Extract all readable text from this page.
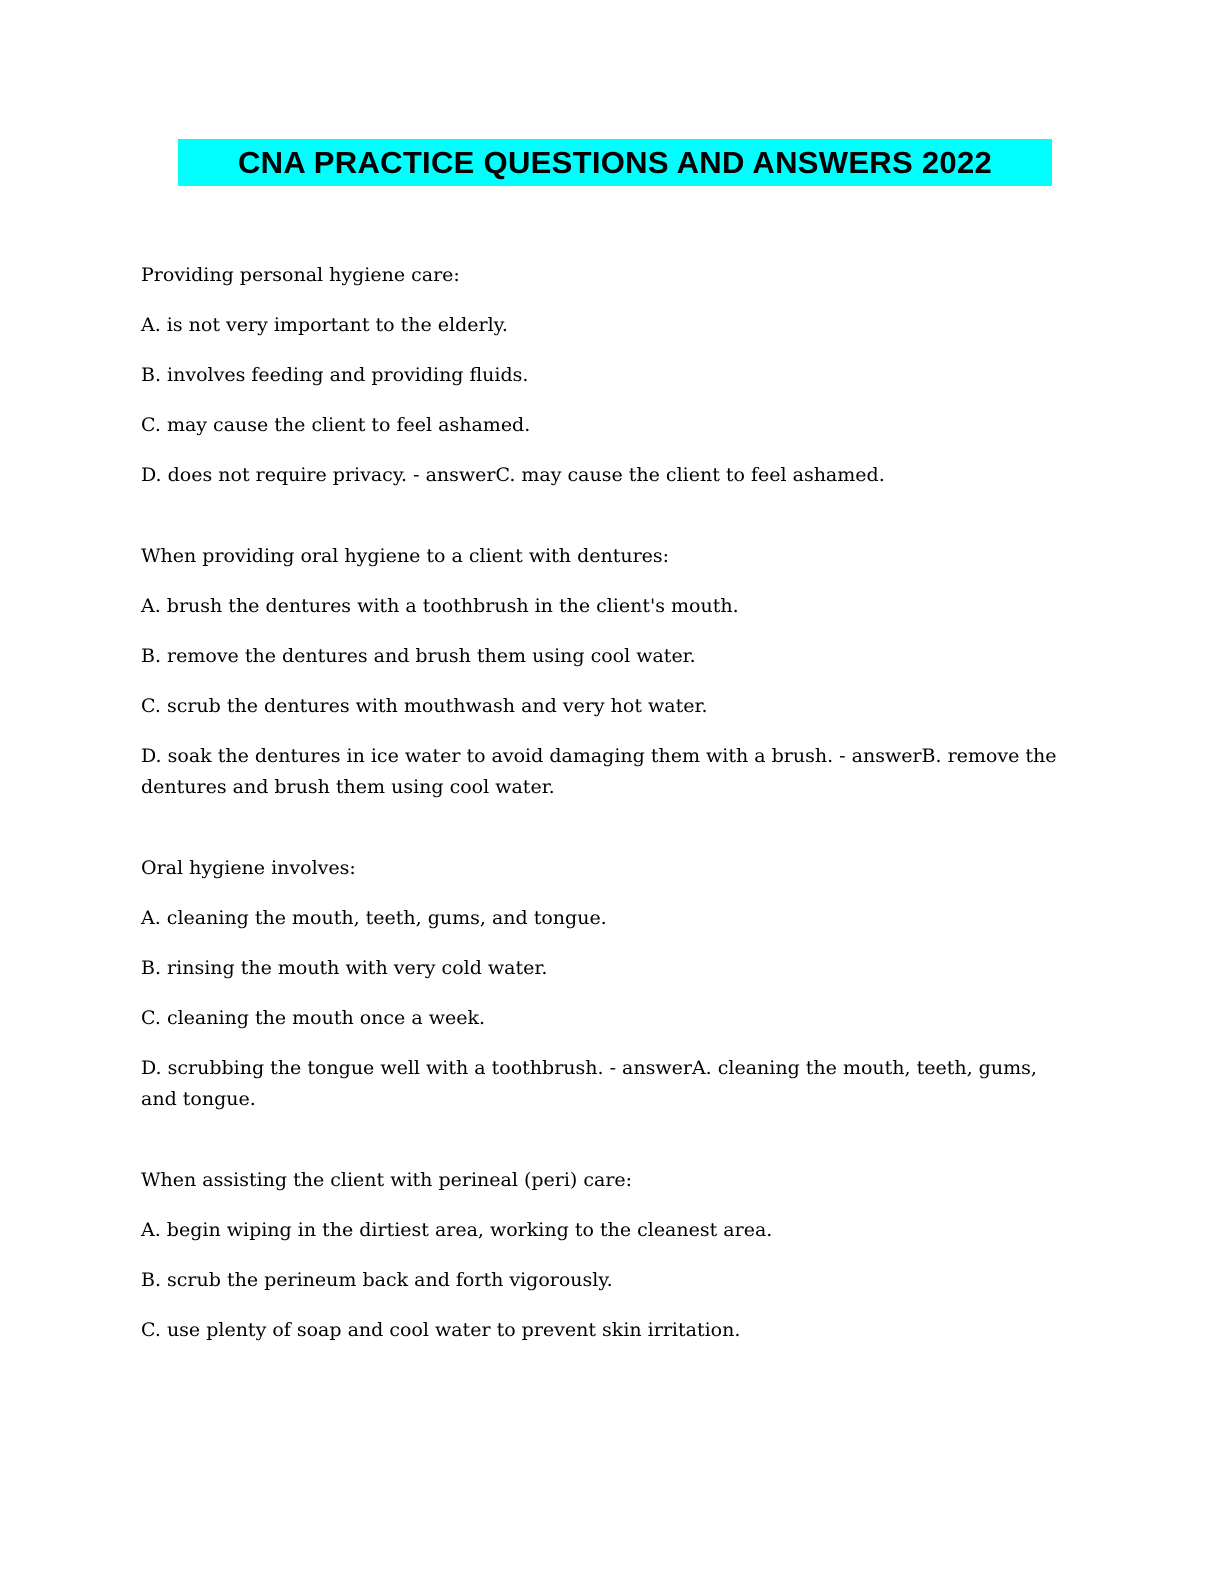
CNA PRACTICE QUESTIONS AND ANSWERS 2022

Providing personal hygiene care:

A. is not very important to the elderly.

B. involves feeding and providing fluids.

C. may cause the client to feel ashamed.

D. does not require privacy. - answerC. may cause the client to feel ashamed.

When providing oral hygiene to a client with dentures:

A. brush the dentures with a toothbrush in the client's mouth.

B. remove the dentures and brush them using cool water.

C. scrub the dentures with mouthwash and very hot water.

D. soak the dentures in ice water to avoid damaging them with a brush. - answerB. remove the dentures and brush them using cool water.

Oral hygiene involves:

A. cleaning the mouth, teeth, gums, and tongue.

B. rinsing the mouth with very cold water.

C. cleaning the mouth once a week.

D. scrubbing the tongue well with a toothbrush. - answerA. cleaning the mouth, teeth, gums, and tongue.

When assisting the client with perineal (peri) care:

A. begin wiping in the dirtiest area, working to the cleanest area.

B. scrub the perineum back and forth vigorously.

C. use plenty of soap and cool water to prevent skin irritation.
